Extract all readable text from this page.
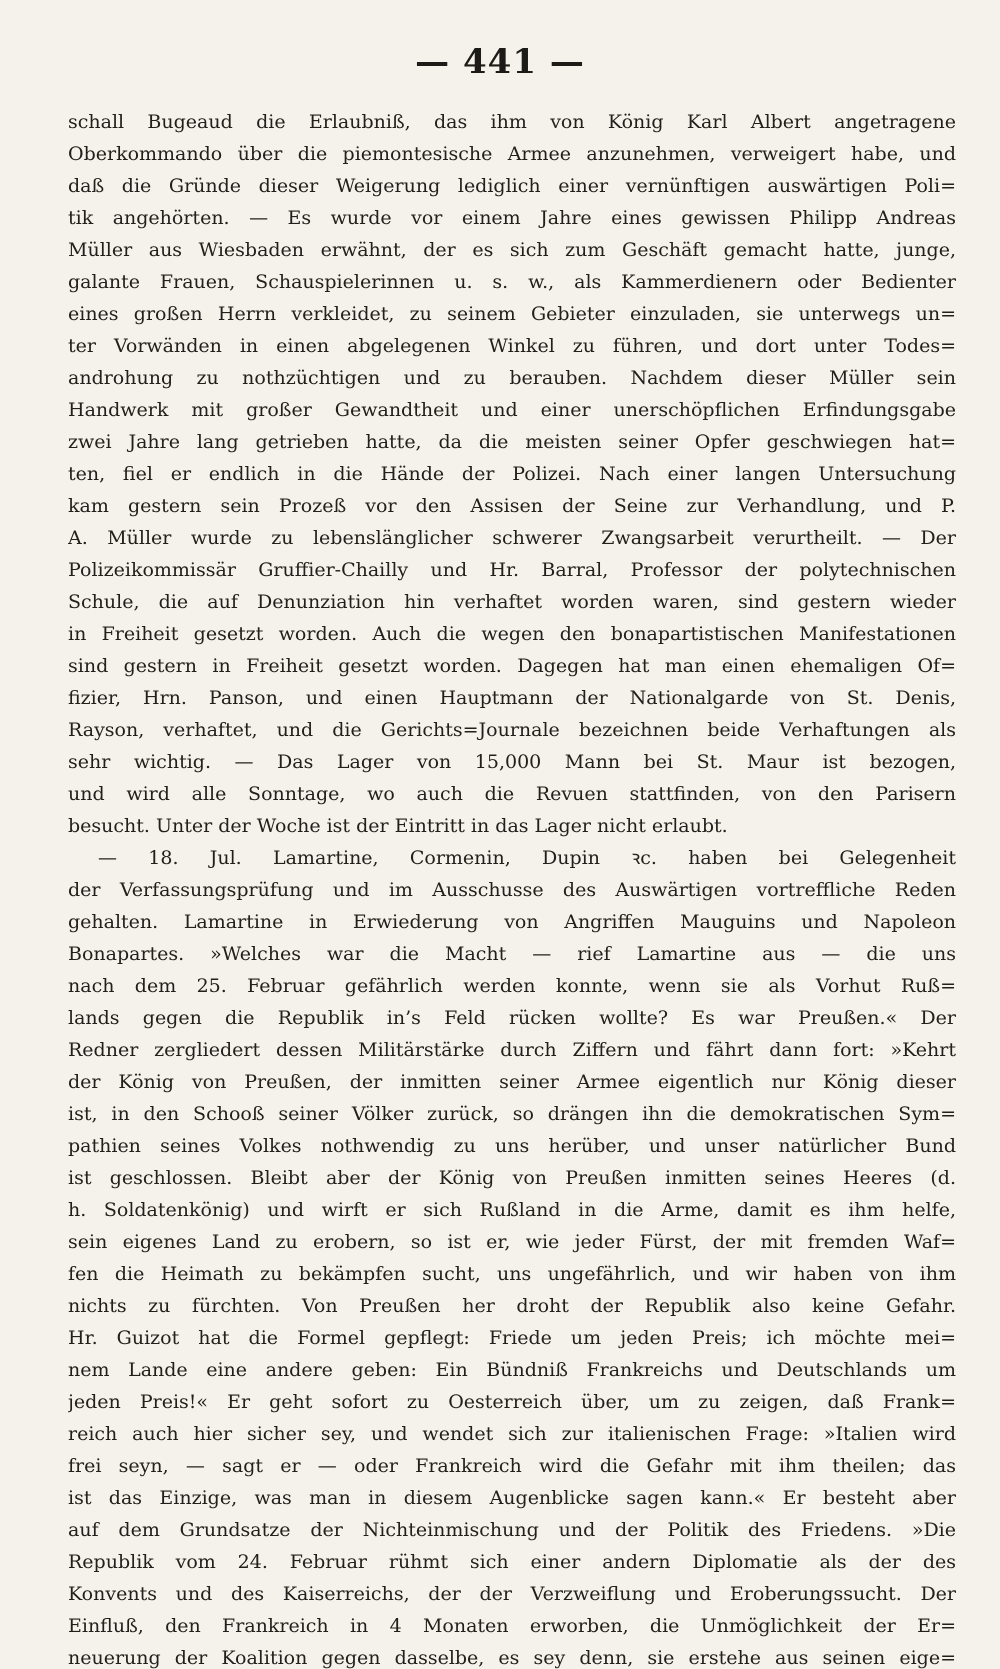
— 441 —
schall Bugeaud die Erlaubniß, das ihm von König Karl Albert angetragene
Oberkommando über die piemontesische Armee anzunehmen, verweigert habe, und
daß die Gründe dieser Weigerung lediglich einer vernünftigen auswärtigen Poli=
tik angehörten. — Es wurde vor einem Jahre eines gewissen Philipp Andreas
Müller aus Wiesbaden erwähnt, der es sich zum Geschäft gemacht hatte, junge,
galante Frauen, Schauspielerinnen u. s. w., als Kammerdienern oder Bedienter
eines großen Herrn verkleidet, zu seinem Gebieter einzuladen, sie unterwegs un=
ter Vorwänden in einen abgelegenen Winkel zu führen, und dort unter Todes=
androhung zu nothzüchtigen und zu berauben. Nachdem dieser Müller sein
Handwerk mit großer Gewandtheit und einer unerschöpflichen Erfindungsgabe
zwei Jahre lang getrieben hatte, da die meisten seiner Opfer geschwiegen hat=
ten, fiel er endlich in die Hände der Polizei. Nach einer langen Untersuchung
kam gestern sein Prozeß vor den Assisen der Seine zur Verhandlung, und P.
A. Müller wurde zu lebenslänglicher schwerer Zwangsarbeit verurtheilt. — Der
Polizeikommissär Gruffier-Chailly und Hr. Barral, Professor der polytechnischen
Schule, die auf Denunziation hin verhaftet worden waren, sind gestern wieder
in Freiheit gesetzt worden. Auch die wegen den bonapartistischen Manifestationen
sind gestern in Freiheit gesetzt worden. Dagegen hat man einen ehemaligen Of=
fizier, Hrn. Panson, und einen Hauptmann der Nationalgarde von St. Denis,
Rayson, verhaftet, und die Gerichts=Journale bezeichnen beide Verhaftungen als
sehr wichtig. — Das Lager von 15,000 Mann bei St. Maur ist bezogen,
und wird alle Sonntage, wo auch die Revuen stattfinden, von den Parisern
besucht. Unter der Woche ist der Eintritt in das Lager nicht erlaubt.
— 18. Jul. Lamartine, Cormenin, Dupin ꝛc. haben bei Gelegenheit
der Verfassungsprüfung und im Ausschusse des Auswärtigen vortreffliche Reden
gehalten. Lamartine in Erwiederung von Angriffen Mauguins und Napoleon
Bonapartes. »Welches war die Macht — rief Lamartine aus — die uns
nach dem 25. Februar gefährlich werden konnte, wenn sie als Vorhut Ruß=
lands gegen die Republik in’s Feld rücken wollte? Es war Preußen.« Der
Redner zergliedert dessen Militärstärke durch Ziffern und fährt dann fort: »Kehrt
der König von Preußen, der inmitten seiner Armee eigentlich nur König dieser
ist, in den Schooß seiner Völker zurück, so drängen ihn die demokratischen Sym=
pathien seines Volkes nothwendig zu uns herüber, und unser natürlicher Bund
ist geschlossen. Bleibt aber der König von Preußen inmitten seines Heeres (d.
h. Soldatenkönig) und wirft er sich Rußland in die Arme, damit es ihm helfe,
sein eigenes Land zu erobern, so ist er, wie jeder Fürst, der mit fremden Waf=
fen die Heimath zu bekämpfen sucht, uns ungefährlich, und wir haben von ihm
nichts zu fürchten. Von Preußen her droht der Republik also keine Gefahr.
Hr. Guizot hat die Formel gepflegt: Friede um jeden Preis; ich möchte mei=
nem Lande eine andere geben: Ein Bündniß Frankreichs und Deutschlands um
jeden Preis!« Er geht sofort zu Oesterreich über, um zu zeigen, daß Frank=
reich auch hier sicher sey, und wendet sich zur italienischen Frage: »Italien wird
frei seyn, — sagt er — oder Frankreich wird die Gefahr mit ihm theilen; das
ist das Einzige, was man in diesem Augenblicke sagen kann.« Er besteht aber
auf dem Grundsatze der Nichteinmischung und der Politik des Friedens. »Die
Republik vom 24. Februar rühmt sich einer andern Diplomatie als der des
Konvents und des Kaiserreichs, der der Verzweiflung und Eroberungssucht. Der
Einfluß, den Frankreich in 4 Monaten erworben, die Unmöglichkeit der Er=
neuerung der Koalition gegen dasselbe, es sey denn, sie erstehe aus seinen eige=
